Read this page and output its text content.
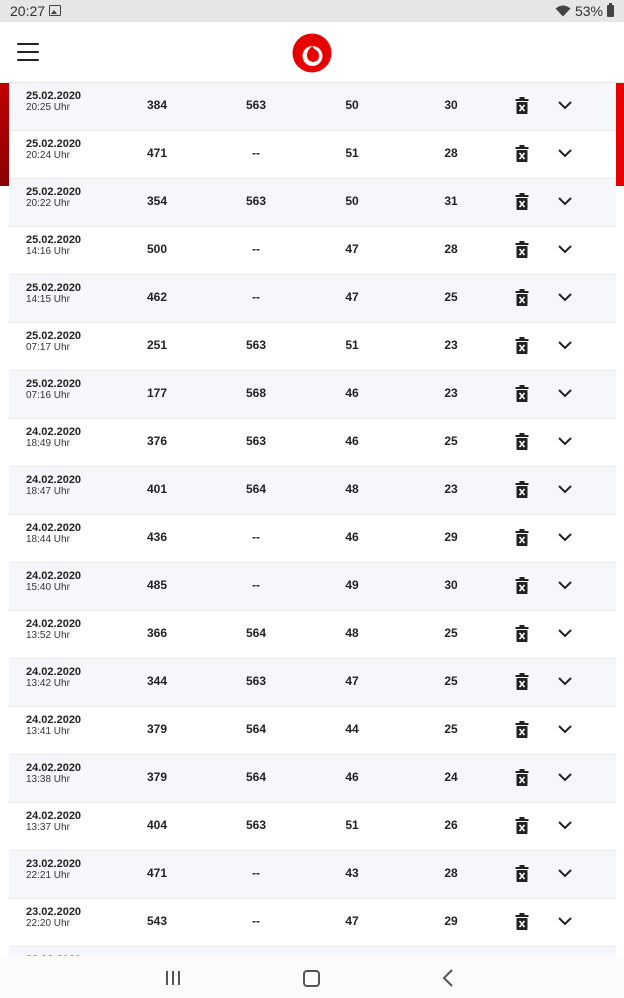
20:27	53%
25.02.2020
20:25 Uhr	384	563	50	30
25.02.2020
20:24 Uhr	471	--	51	28
25.02.2020
20:22 Uhr	354	563	50	31
25.02.2020
14:16 Uhr	500	--	47	28
25.02.2020
14:15 Uhr	462	--	47	25
25.02.2020
07:17 Uhr	251	563	51	23
25.02.2020
07:16 Uhr	177	568	46	23
24.02.2020
18:49 Uhr	376	563	46	25
24.02.2020
18:47 Uhr	401	564	48	23
24.02.2020
18:44 Uhr	436	--	46	29
24.02.2020
15:40 Uhr	485	--	49	30
24.02.2020
13:52 Uhr	366	564	48	25
24.02.2020
13:42 Uhr	344	563	47	25
24.02.2020
13:41 Uhr	379	564	44	25
24.02.2020
13:38 Uhr	379	564	46	24
24.02.2020
13:37 Uhr	404	563	51	26
23.02.2020
22:21 Uhr	471	--	43	28
23.02.2020
22:20 Uhr	543	--	47	29
